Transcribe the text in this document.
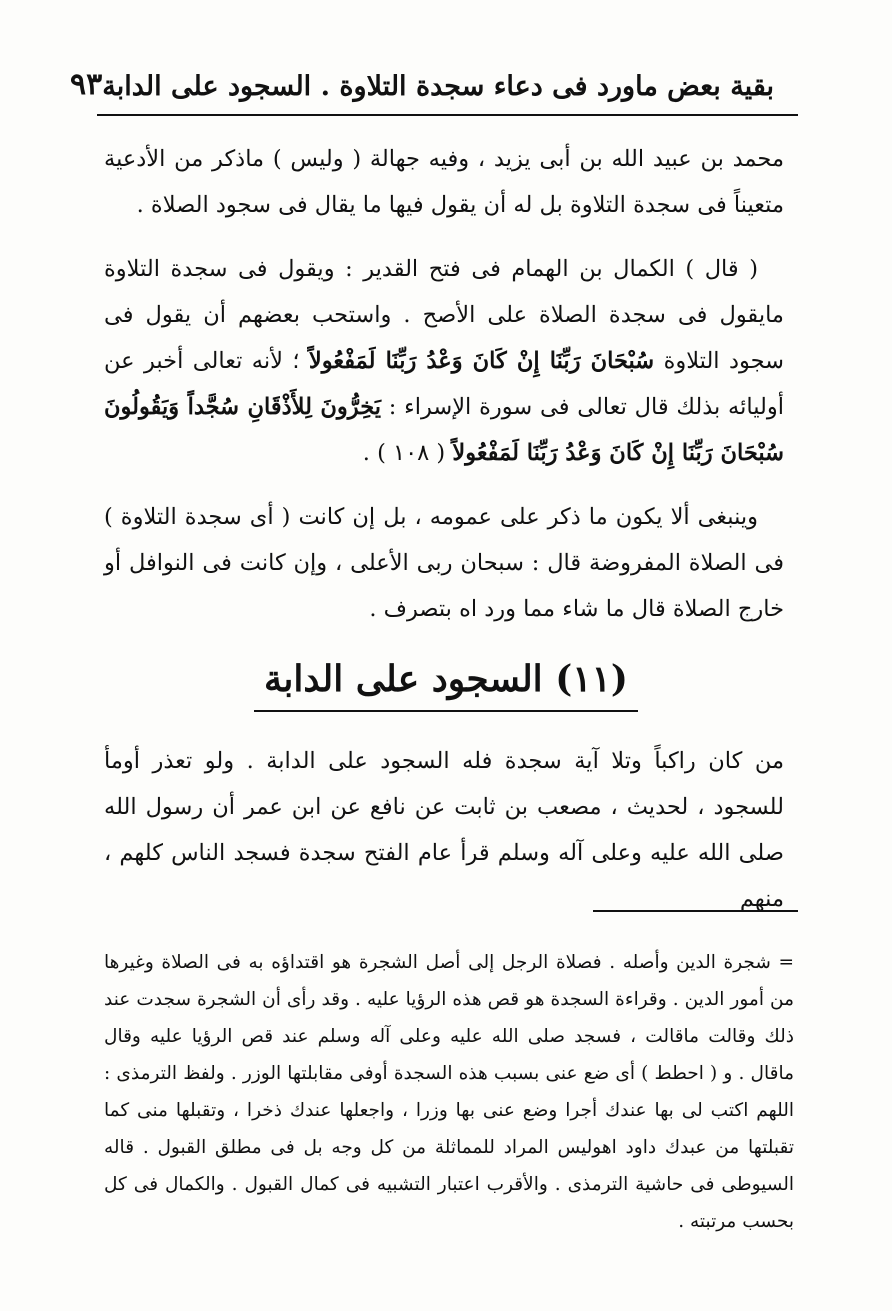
بقية بعض ماورد فى دعاء سجدة التلاوة . السجود على الدابة
٩٣

محمد بن عبيد الله بن أبى يزيد ، وفيه جهالة ( وليس ) ماذكر من الأدعية متعيناً فى سجدة التلاوة بل له أن يقول فيها ما يقال فى سجود الصلاة .

( قال ) الكمال بن الهمام فى فتح القدير : ويقول فى سجدة التلاوة مايقول فى سجدة الصلاة على الأصح . واستحب بعضهم أن يقول فى سجود التلاوة سُبْحَانَ رَبِّنَا إِنْ كَانَ وَعْدُ رَبِّنَا لَمَفْعُولاً ؛ لأنه تعالى أخبر عن أوليائه بذلك قال تعالى فى سورة الإسراء : يَخِرُّونَ لِلأَذْقَانِ سُجَّداً وَيَقُولُونَ سُبْحَانَ رَبِّنَا إِنْ كَانَ وَعْدُ رَبِّنَا لَمَفْعُولاً ( ١٠٨ ) .

وينبغى ألا يكون ما ذكر على عمومه ، بل إن كانت ( أى سجدة التلاوة ) فى الصلاة المفروضة قال : سبحان ربى الأعلى ، وإن كانت فى النوافل أو خارج الصلاة قال ما شاء مما ورد اه بتصرف .

(١١) السجود على الدابة

من كان راكباً وتلا آية سجدة فله السجود على الدابة . ولو تعذر أومأ للسجود ، لحديث ، مصعب بن ثابت عن نافع عن ابن عمر أن رسول الله صلى الله عليه وعلى آله وسلم قرأ عام الفتح سجدة فسجد الناس كلهم ، منهم

= شجرة الدين وأصله . فصلاة الرجل إلى أصل الشجرة هو اقتداؤه به فى الصلاة وغيرها من أمور الدين . وقراءة السجدة هو قص هذه الرؤيا عليه . وقد رأى أن الشجرة سجدت عند ذلك وقالت ماقالت ، فسجد صلى الله عليه وعلى آله وسلم عند قص الرؤيا عليه وقال ماقال . و ( احطط ) أى ضع عنى بسبب هذه السجدة أوفى مقابلتها الوزر . ولفظ الترمذى : اللهم اكتب لى بها عندك أجرا وضع عنى بها وزرا ، واجعلها عندك ذخرا ، وتقبلها منى كما تقبلتها من عبدك داود اهوليس المراد للمماثلة من كل وجه بل فى مطلق القبول . قاله السيوطى فى حاشية الترمذى . والأقرب اعتبار التشبيه فى كمال القبول . والكمال فى كل بحسب مرتبته .
